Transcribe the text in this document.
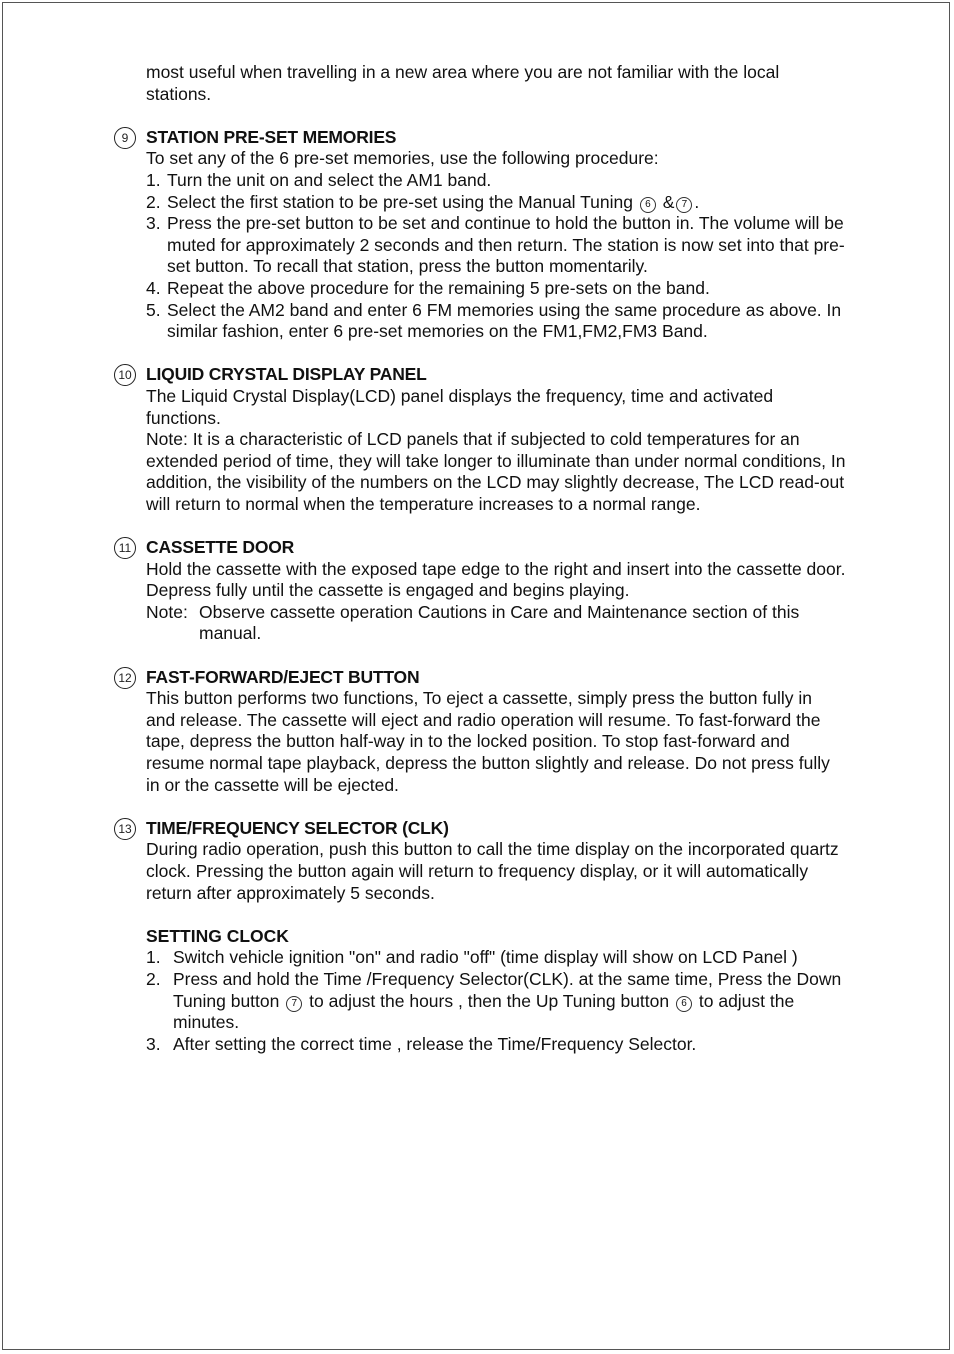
most useful when travelling in a new area where you are not familiar with the local stations.

9	STATION PRE-SET MEMORIES

To set any of the 6 pre-set memories, use the following procedure:

1. Turn the unit on and select the AM1 band.
2. Select the first station to be pre-set using the Manual Tuning 6 & 7 .
3. Press the pre-set button to be set and continue to hold the button in. The volume will be muted for approximately 2 seconds and then return. The station is now set into that pre-set button. To recall that station, press the button momentarily.
4. Repeat the above procedure for the remaining 5 pre-sets on the band.
5. Select the AM2 band and enter 6 FM memories using the same procedure as above. In similar fashion, enter 6 pre-set memories on the FM1,FM2,FM3 Band.
10 LIQUID CRYSTAL DISPLAY PANEL

The Liquid Crystal Display(LCD) panel displays the frequency, time and activated functions.

Note: It is a characteristic of LCD panels that if subjected to cold temperatures for an extended period of time, they will take longer to illuminate than under normal conditions, In addition, the visibility of the numbers on the LCD may slightly decrease, The LCD read-out will return to normal when the temperature increases to a normal range.

11 CASSETTE DOOR

Hold the cassette with the exposed tape edge to the right and insert into the cassette door. Depress fully until the cassette is engaged and begins playing.

Note: Observe cassette operation Cautions in Care and Maintenance section of this manual.
12 FAST-FORWARD/EJECT BUTTON

This button performs two functions, To eject a cassette, simply press the button fully in and release. The cassette will eject and radio operation will resume. To fast-forward the tape, depress the button half-way in to the locked position. To stop fast-forward and resume normal tape playback, depress the button slightly and release. Do not press fully in or the cassette will be ejected.

13 TIME/FREQUENCY SELECTOR (CLK)

During radio operation, push this button to call the time display on the incorporated quartz clock. Pressing the button again will return to frequency display, or it will automatically return after approximately 5 seconds.

SETTING CLOCK

1. Switch vehicle ignition "on" and radio "off" (time display will show on LCD Panel )
2. Press and hold the Time /Frequency Selector(CLK). at the same time, Press the Down Tuning button 7 to adjust the hours , then the Up Tuning button 6 to adjust the minutes.
3. After setting the correct time , release the Time/Frequency Selector.
